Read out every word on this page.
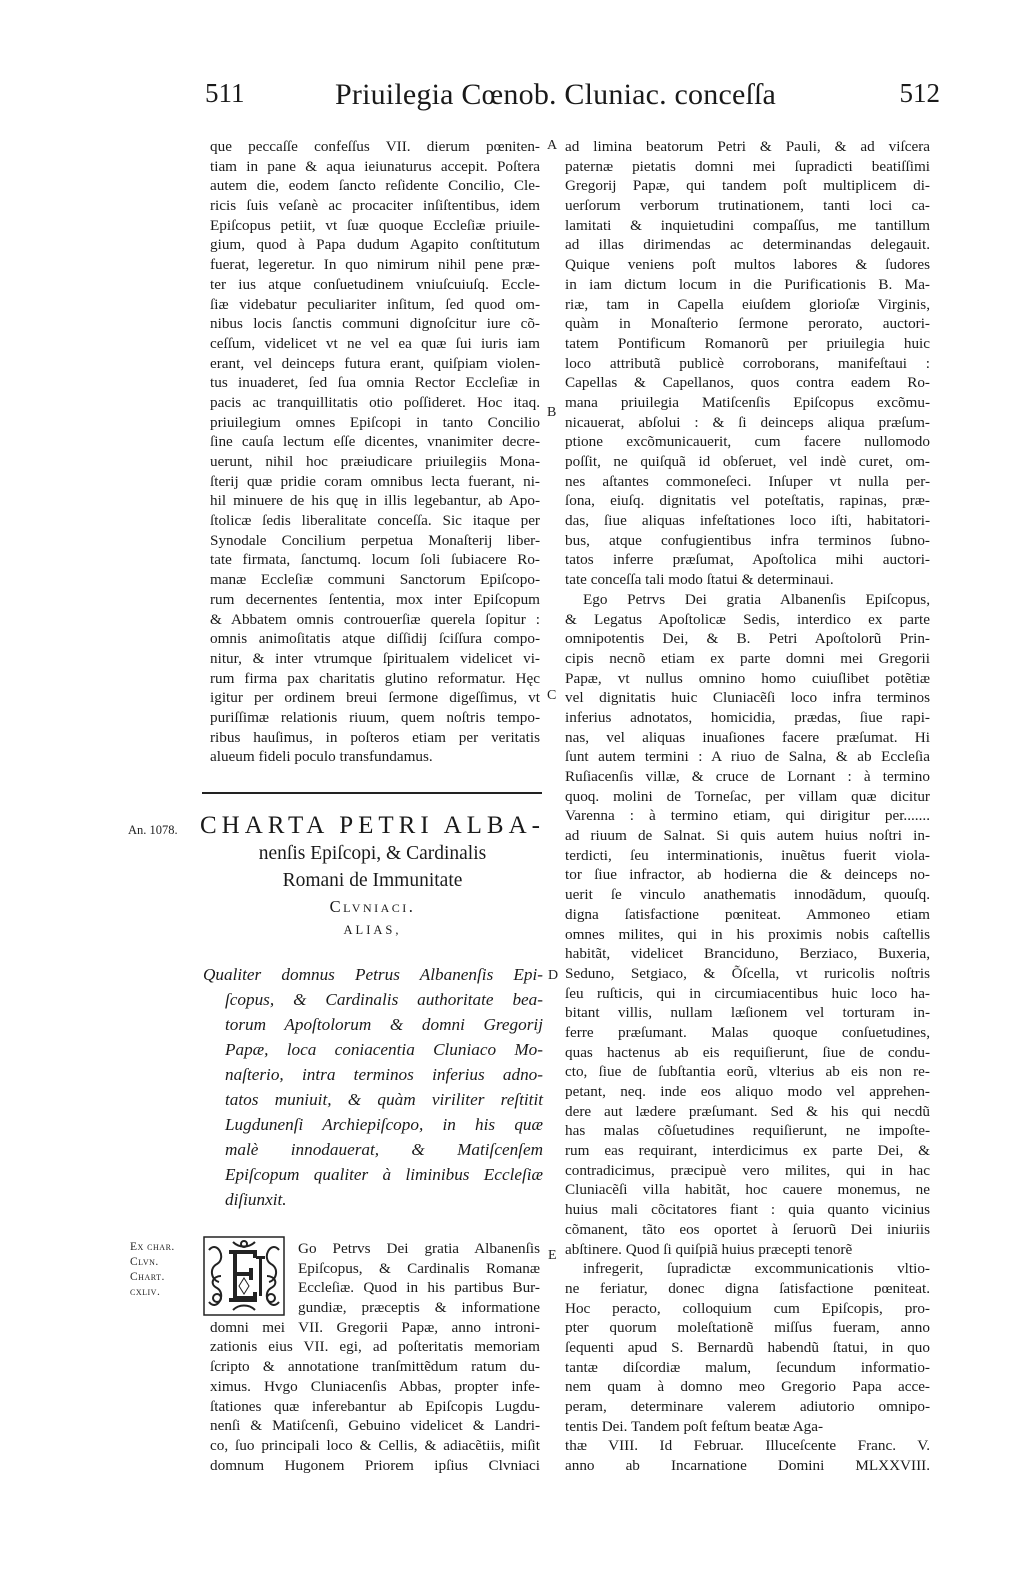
511	Priuilegia Cœnob. Cluniac. conceſſa	512
A
B
C
D
E
que peccaſſe confeſſus VII. dierum pœniten-
tiam in pane & aqua ieiunaturus accepit. Poſtera
autem die, eodem ſancto reſidente Concilio, Cle-
ricis ſuis veſanè ac procaciter inſiſtentibus, idem
Epiſcopus petiit, vt ſuæ quoque Eccleſiæ priuile-
gium, quod à Papa dudum Agapito conſtitutum
fuerat, legeretur. In quo nimirum nihil pene præ-
ter ius atque conſuetudinem vniuſcuiuſq. Eccle-
ſiæ videbatur peculiariter inſitum, ſed quod om-
nibus locis ſanctis communi dignoſcitur iure cõ-
ceſſum, videlicet vt ne vel ea quæ ſui iuris iam
erant, vel deinceps futura erant, quiſpiam violen-
tus inuaderet, ſed ſua omnia Rector Eccleſiæ in
pacis ac tranquillitatis otio poſſideret. Hoc itaq.
priuilegium omnes Epiſcopi in tanto Concilio
ſine cauſa lectum eſſe dicentes, vnanimiter decre-
uerunt, nihil hoc præiudicare priuilegiis Mona-
ſterij quæ pridie coram omnibus lecta fuerant, ni-
hil minuere de his quę in illis legebantur, ab Apo-
ſtolicæ ſedis liberalitate conceſſa. Sic itaque per
Synodale Concilium perpetua Monaſterij liber-
tate firmata, ſanctumq. locum ſoli ſubiacere Ro-
manæ Eccleſiæ communi Sanctorum Epiſcopo-
rum decernentes ſententia, mox inter Epiſcopum
& Abbatem omnis controuerſiæ querela ſopitur :
omnis animoſitatis atque diſſidij ſciſſura compo-
nitur, & inter vtrumque ſpiritualem videlicet vi-
rum firma pax charitatis glutino reformatur. Hęc
igitur per ordinem breui ſermone digeſſimus, vt
puriſſimæ relationis riuum, quem noſtris tempo-
ribus hauſimus, in poſteros etiam per veritatis
alueum fideli poculo transfundamus.
An. 1078.
Ex char.
Clvn.
Chart.
cxliv.
CHARTA PETRI ALBA-
nenſis Epiſcopi, & Cardinalis
Romani de Immunitate
Clvniaci.
ALIAS,
Qualiter domnus Petrus Albanenſis Epi-
ſcopus, & Cardinalis authoritate bea-
torum Apoſtolorum & domni Gregorij
Papæ, loca coniacentia Cluniaco Mo-
naſterio, intra terminos inferius adno-
tatos muniuit, & quàm viriliter reſtitit
Lugdunenſi Archiepiſcopo, in his quæ
malè innodauerat, & Matiſcenſem
Epiſcopum qualiter à liminibus Eccleſiæ
diſiunxit.
Go Petrvs Dei gratia Albanenſis
Epiſcopus, & Cardinalis Romanæ
Eccleſiæ. Quod in his partibus Bur-
gundiæ, præceptis & informatione
domni mei VII. Gregorii Papæ, anno introni-
zationis eius VII. egi, ad poſteritatis memoriam
ſcripto & annotatione tranſmittẽdum ratum du-
ximus. Hvgo Cluniacenſis Abbas, propter infe-
ſtationes quæ inferebantur ab Epiſcopis Lugdu-
nenſi & Matiſcenſi, Gebuino videlicet & Landri-
co, ſuo principali loco & Cellis, & adiacẽtiis, miſit
domnum Hugonem Priorem ipſius Clvniaci
ad limina beatorum Petri & Pauli, & ad viſcera
paternæ pietatis domni mei ſupradicti beatiſſimi
Gregorij Papæ, qui tandem poſt multiplicem di-
uerſorum verborum trutinationem, tanti loci ca-
lamitati & inquietudini compaſſus, me tantillum
ad illas dirimendas ac determinandas delegauit.
Quique veniens poſt multos labores & ſudores
in iam dictum locum in die Purificationis B. Ma-
riæ, tam in Capella eiuſdem glorioſæ Virginis,
quàm in Monaſterio ſermone perorato, auctori-
tatem Pontificum Romanorũ per priuilegia huic
loco attributã publicè corroborans, manifeſtaui :
Capellas & Capellanos, quos contra eadem Ro-
mana priuilegia Matiſcenſis Epiſcopus excõmu-
nicauerat, abſolui : & ſi deinceps aliqua præſum-
ptione excõmunicauerit, cum facere nullomodo
poſſit, ne quiſquã id obſeruet, vel indè curet, om-
nes aſtantes commoneſeci. Inſuper vt nulla per-
ſona, eiuſq. dignitatis vel poteſtatis, rapinas, præ-
das, ſiue aliquas infeſtationes loco iſti, habitatori-
bus, atque confugientibus infra terminos ſubno-
tatos inferre præſumat, Apoſtolica mihi auctori-
tate conceſſa tali modo ſtatui & determinaui.
Ego Petrvs Dei gratia Albanenſis Epiſcopus,
& Legatus Apoſtolicæ Sedis, interdico ex parte
omnipotentis Dei, & B. Petri Apoſtolorũ Prin-
cipis necnõ etiam ex parte domni mei Gregorii
Papæ, vt nullus omnino homo cuiuſlibet potẽtiæ
vel dignitatis huic Cluniacẽſi loco infra terminos
inferius adnotatos, homicidia, prædas, ſiue rapi-
nas, vel aliquas inuaſiones facere præſumat. Hi
ſunt autem termini : A riuo de Salna, & ab Eccleſia
Ruſiacenſis villæ, & cruce de Lornant : à termino
quoq. molini de Torneſac, per villam quæ dicitur
Varenna : à termino etiam, qui dirigitur per.......
ad riuum de Salnat. Si quis autem huius noſtri in-
terdicti, ſeu interminationis, inuẽtus fuerit viola-
tor ſiue infractor, ab hodierna die & deinceps no-
uerit ſe vinculo anathematis innodãdum, quouſq.
digna ſatisfactione pœniteat. Ammoneo etiam
omnes milites, qui in his proximis nobis caſtellis
habitãt, videlicet Branciduno, Berziaco, Buxeria,
Seduno, Setgiaco, & Õſcella, vt ruricolis noſtris
ſeu ruſticis, qui in circumiacentibus huic loco ha-
bitant villis, nullam læſionem vel torturam in-
ferre præſumant. Malas quoque conſuetudines,
quas hactenus ab eis requiſierunt, ſiue de condu-
cto, ſiue de ſubſtantia eorũ, vlterius ab eis non re-
petant, neq. inde eos aliquo modo vel apprehen-
dere aut lædere præſumant. Sed & his qui necdũ
has malas cõſuetudines requiſierunt, ne impoſte-
rum eas requirant, interdicimus ex parte Dei, &
contradicimus, præcipuè vero milites, qui in hac
Cluniacẽſi villa habitãt, hoc cauere monemus, ne
huius mali cõcitatores fiant : quia quanto vicinius
cõmanent, tãto eos oportet à ſeruorũ Dei iniuriis
abſtinere. Quod ſi quiſpiã huius præcepti tenorẽ
infregerit, ſupradictæ excommunicationis vltio-
ne feriatur, donec digna ſatisfactione pœniteat.
Hoc peracto, colloquium cum Epiſcopis, pro-
pter quorum moleſtationẽ miſſus fueram, anno
ſequenti apud S. Bernardũ habendũ ſtatui, in quo
tantæ diſcordiæ malum, ſecundum informatio-
nem quam à domno meo Gregorio Papa acce-
peram, determinare valerem adiutorio omnipo-
tentis Dei. Tandem poſt feſtum beatæ Aga-
thæ VIII. Id Februar. Illuceſcente Franc. V.
anno ab Incarnatione Domini MLXXVIII.
